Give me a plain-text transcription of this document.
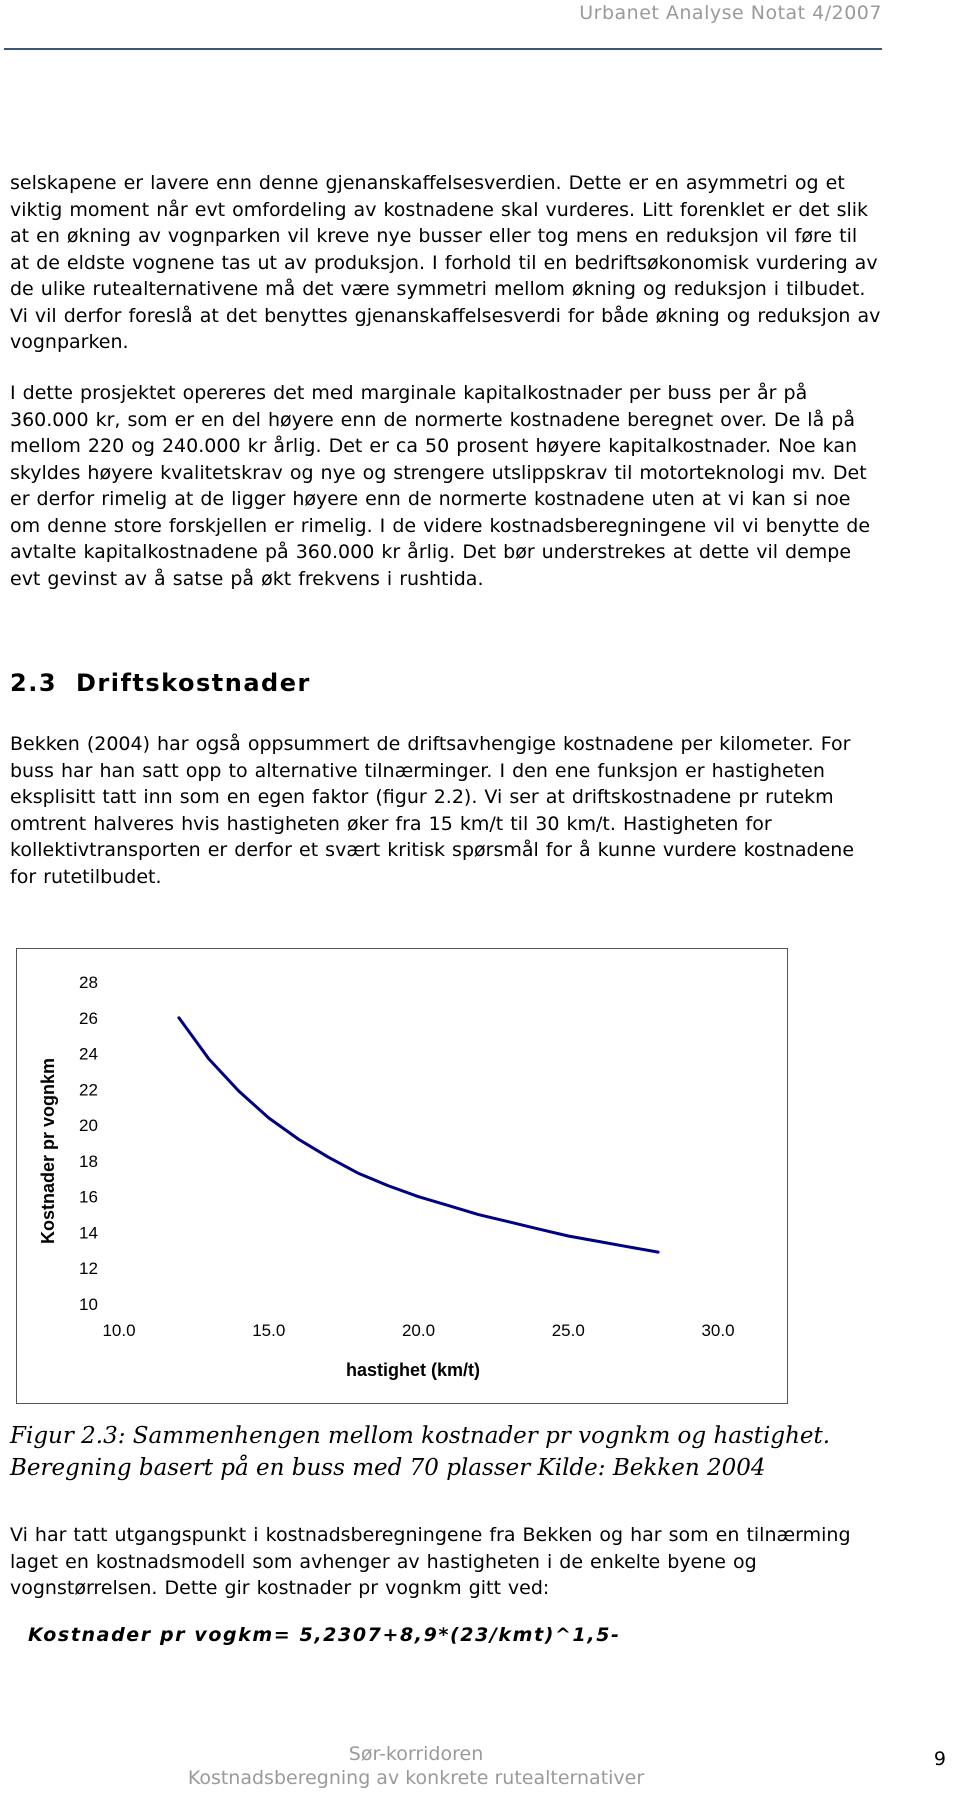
Urbanet Analyse Notat 4/2007

selskapene er lavere enn denne gjenanskaffelsesverdien. Dette er en asymmetri og et viktig moment når evt omfordeling av kostnadene skal vurderes. Litt forenklet er det slik at en økning av vognparken vil kreve nye busser eller tog mens en reduksjon vil føre til at de eldste vognene tas ut av produksjon. I forhold til en bedriftsøkonomisk vurdering av de ulike rutealternativene må det være symmetri mellom økning og reduksjon i tilbudet. Vi vil derfor foreslå at det benyttes gjenanskaffelsesverdi for både økning og reduksjon av vognparken.

I dette prosjektet opereres det med marginale kapitalkostnader per buss per år på 360.000 kr, som er en del høyere enn de normerte kostnadene beregnet over. De lå på mellom 220 og 240.000 kr årlig. Det er ca 50 prosent høyere kapitalkostnader. Noe kan skyldes høyere kvalitetskrav og nye og strengere utslippskrav til motorteknologi mv. Det er derfor rimelig at de ligger høyere enn de normerte kostnadene uten at vi kan si noe om denne store forskjellen er rimelig. I de videre kostnadsberegningene vil vi benytte de avtalte kapitalkostnadene på 360.000 kr årlig. Det bør understrekes at dette vil dempe evt gevinst av å satse på økt frekvens i rushtida.

2.3 Driftskostnader

Bekken (2004) har også oppsummert de driftsavhengige kostnadene per kilometer. For buss har han satt opp to alternative tilnærminger. I den ene funksjon er hastigheten eksplisitt tatt inn som en egen faktor (figur 2.2). Vi ser at driftskostnadene pr rutekm omtrent halveres hvis hastigheten øker fra 15 km/t til 30 km/t. Hastigheten for kollektivtransporten er derfor et svært kritisk spørsmål for å kunne vurdere kostnadene for rutetilbudet.

Kostnader pr vognkm
hastighet (km/t)
10
12
14
16
18
20
22
24
26
28
10.0	15.0	20.0	25.0	30.0
Figur 2.3: Sammenhengen mellom kostnader pr vognkm og hastighet. Beregning basert på en buss med 70 plasser Kilde: Bekken 2004

Vi har tatt utgangspunkt i kostnadsberegningene fra Bekken og har som en tilnærming laget en kostnadsmodell som avhenger av hastigheten i de enkelte byene og vognstørrelsen. Dette gir kostnader pr vognkm gitt ved:

Kostnader pr vogkm= 5,2307+8,9*(23/kmt)^1,5-
Sør-korridoren
Kostnadsberegning av konkrete rutealternativer
9
